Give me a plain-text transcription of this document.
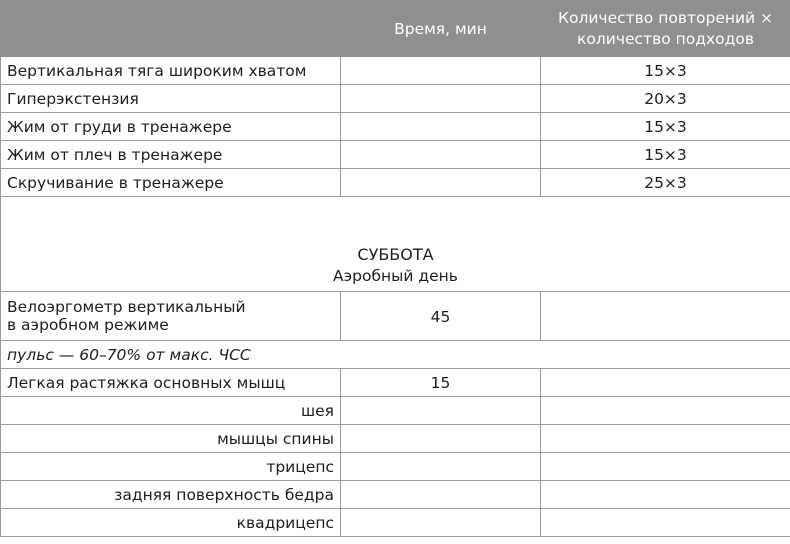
	Время, мин	Количество повторений ×
количество подходов
Вертикальная тяга широким хватом		15×3
Гиперэкстензия		20×3
Жим от груди в тренажере		15×3
Жим от плеч в тренажере		15×3
Скручивание в тренажере		25×3
СУББОТА
Аэробный день		
Велоэргометр вертикальный
в аэробном режиме	45	
пульс — 60–70% от макс. ЧСС		
Легкая растяжка основных мышц	15	
шея		
мышцы спины		
трицепс		
задняя поверхность бедра		
квадрицепс		
